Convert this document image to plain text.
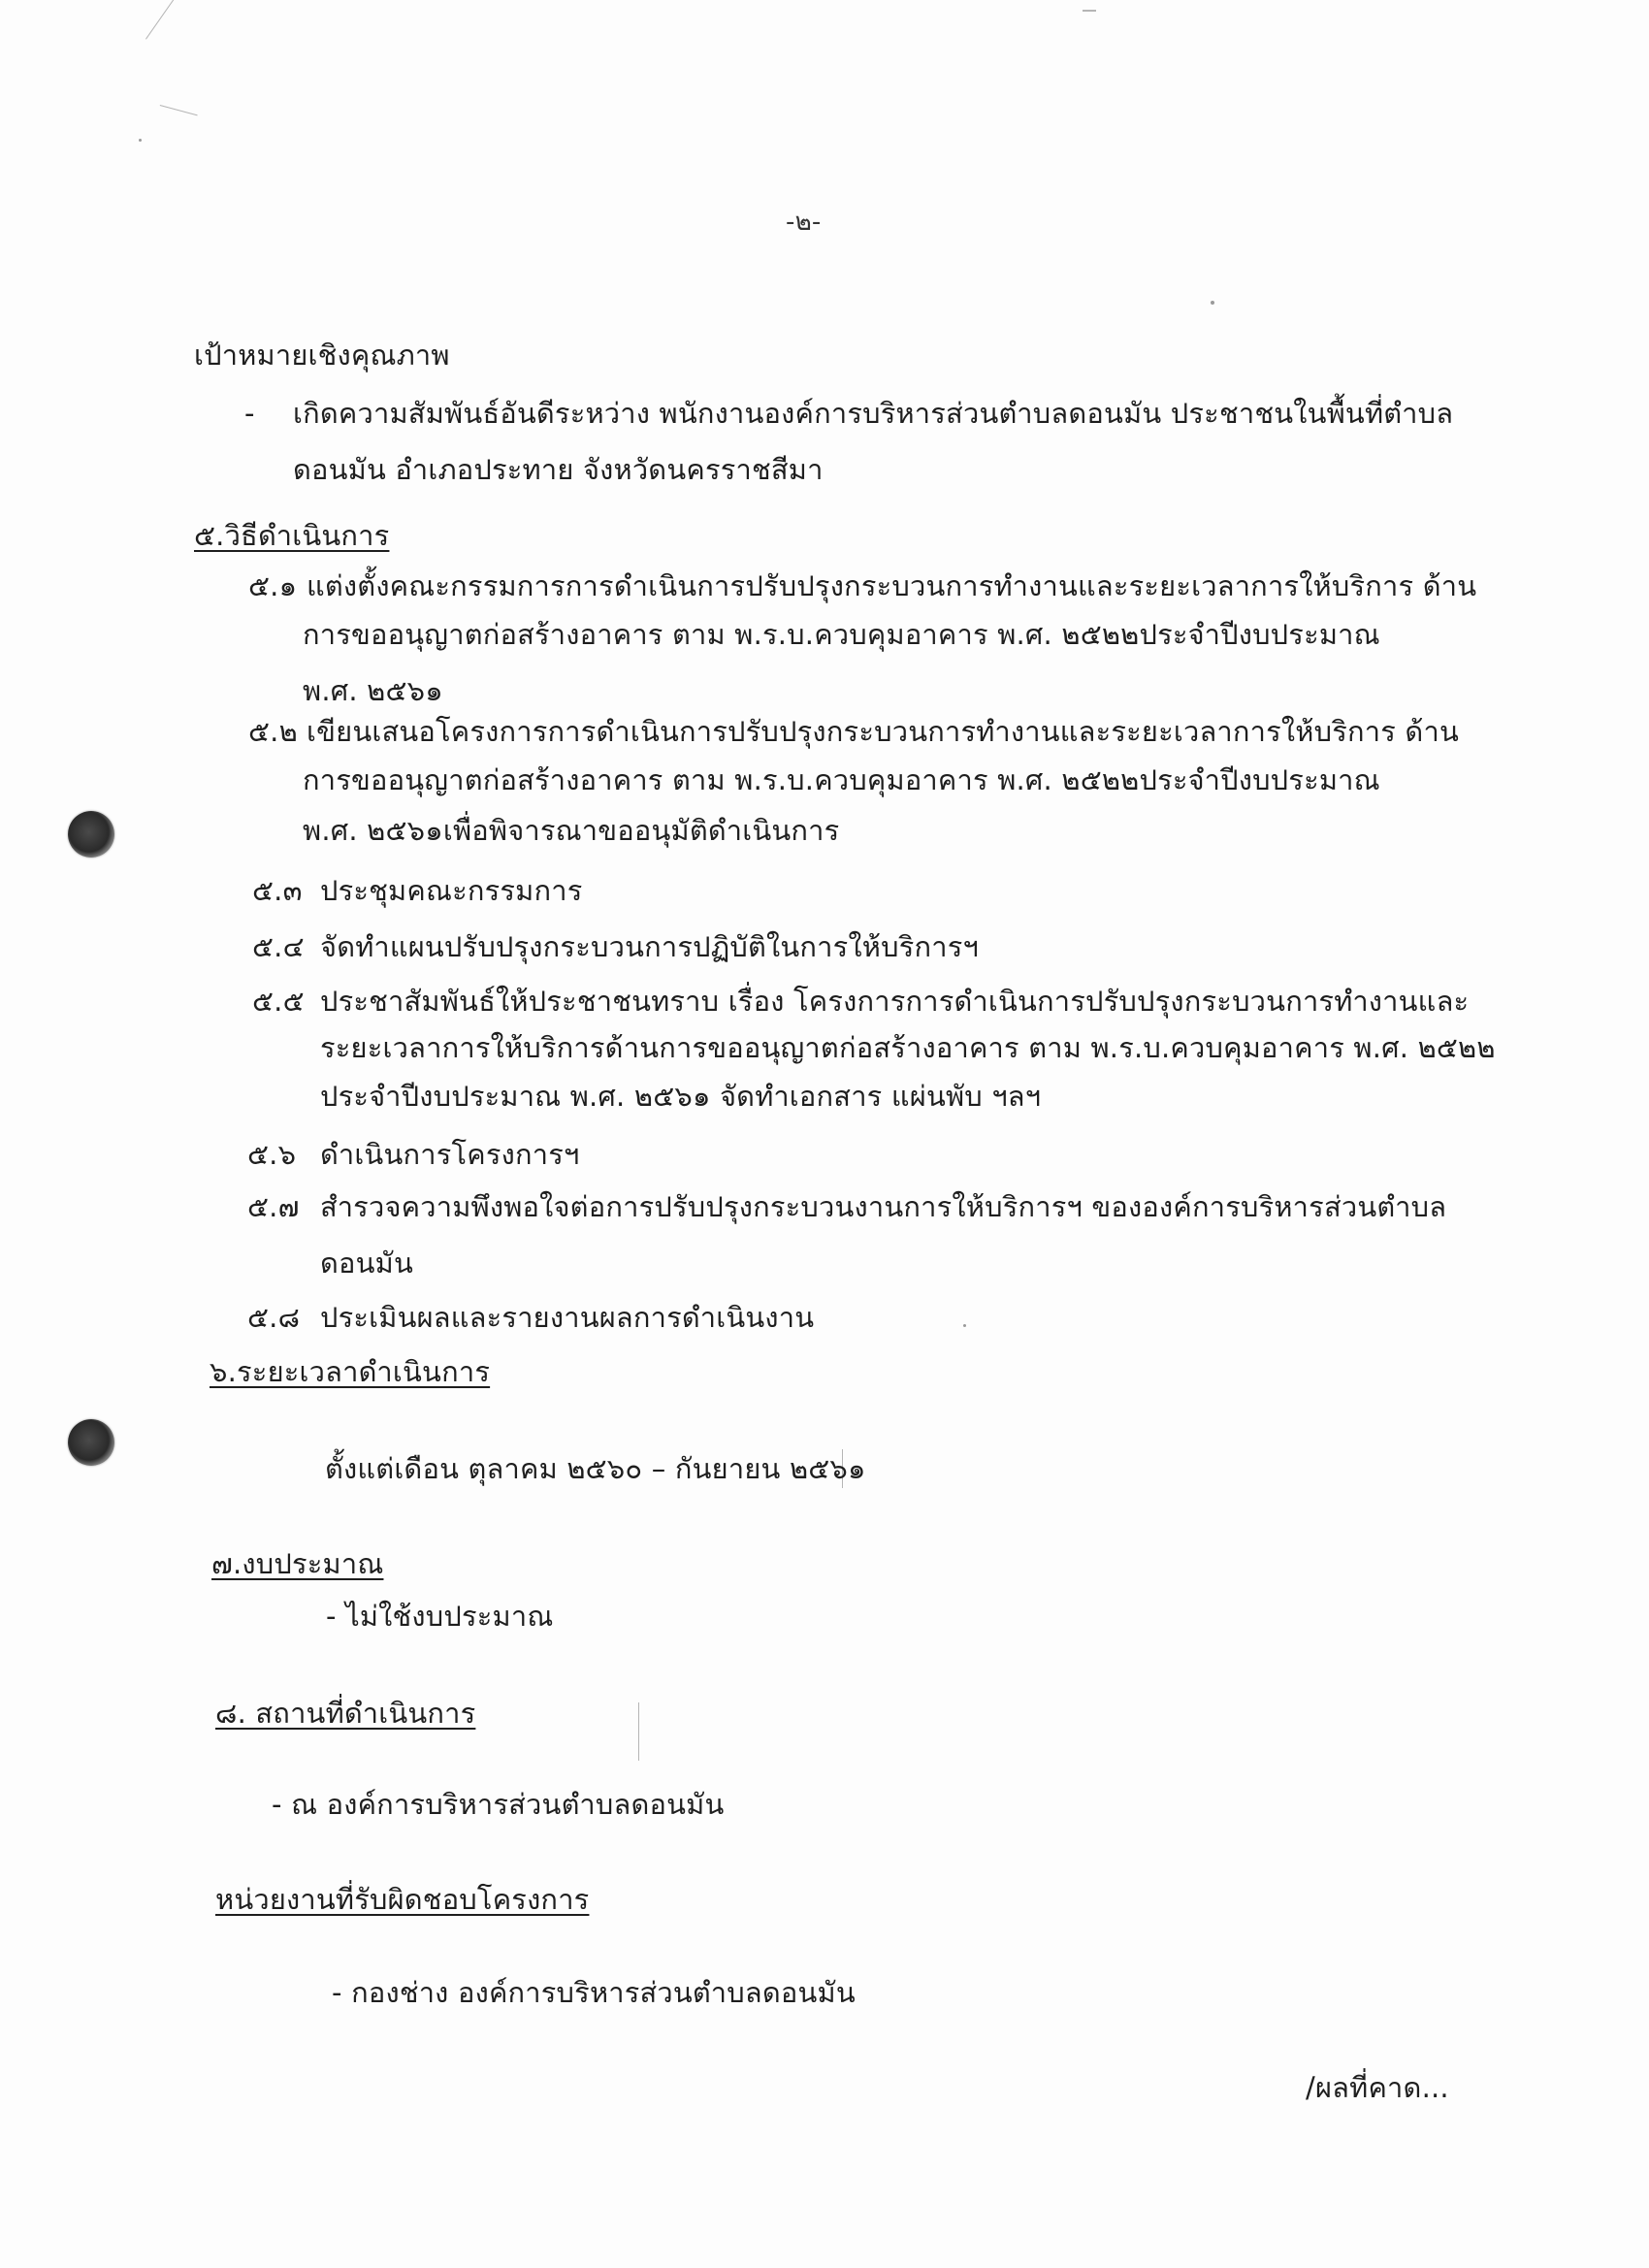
-๒-
เป้าหมายเชิงคุณภาพ
- เกิดความสัมพันธ์อันดีระหว่าง พนักงานองค์การบริหารส่วนตำบลดอนมัน ประชาชนในพื้นที่ตำบล
ดอนมัน อำเภอประทาย จังหวัดนครราชสีมา
๕.วิธีดำเนินการ
๕.๑ แต่งตั้งคณะกรรมการการดำเนินการปรับปรุงกระบวนการทำงานและระยะเวลาการให้บริการ ด้าน
การขออนุญาตก่อสร้างอาคาร ตาม พ.ร.บ.ควบคุมอาคาร พ.ศ. ๒๕๒๒ประจำปีงบประมาณ
พ.ศ. ๒๕๖๑
๕.๒ เขียนเสนอโครงการการดำเนินการปรับปรุงกระบวนการทำงานและระยะเวลาการให้บริการ ด้าน
การขออนุญาตก่อสร้างอาคาร ตาม พ.ร.บ.ควบคุมอาคาร พ.ศ. ๒๕๒๒ประจำปีงบประมาณ
พ.ศ. ๒๕๖๑เพื่อพิจารณาขออนุมัติดำเนินการ
๕.๓ ประชุมคณะกรรมการ
๕.๔ จัดทำแผนปรับปรุงกระบวนการปฏิบัติในการให้บริการฯ
๕.๕ ประชาสัมพันธ์ให้ประชาชนทราบ เรื่อง โครงการการดำเนินการปรับปรุงกระบวนการทำงานและ
ระยะเวลาการให้บริการด้านการขออนุญาตก่อสร้างอาคาร ตาม พ.ร.บ.ควบคุมอาคาร พ.ศ. ๒๕๒๒
ประจำปีงบประมาณ พ.ศ. ๒๕๖๑ จัดทำเอกสาร แผ่นพับ ฯลฯ
๕.๖ ดำเนินการโครงการฯ
๕.๗ สำรวจความพึงพอใจต่อการปรับปรุงกระบวนงานการให้บริการฯ ขององค์การบริหารส่วนตำบล
ดอนมัน
๕.๘ ประเมินผลและรายงานผลการดำเนินงาน
๖.ระยะเวลาดำเนินการ
ตั้งแต่เดือน ตุลาคม ๒๕๖๐ – กันยายน ๒๕๖๑
๗.งบประมาณ
- ไม่ใช้งบประมาณ
๘. สถานที่ดำเนินการ
- ณ องค์การบริหารส่วนตำบลดอนมัน
หน่วยงานที่รับผิดชอบโครงการ
- กองช่าง องค์การบริหารส่วนตำบลดอนมัน
/ผลที่คาด...
